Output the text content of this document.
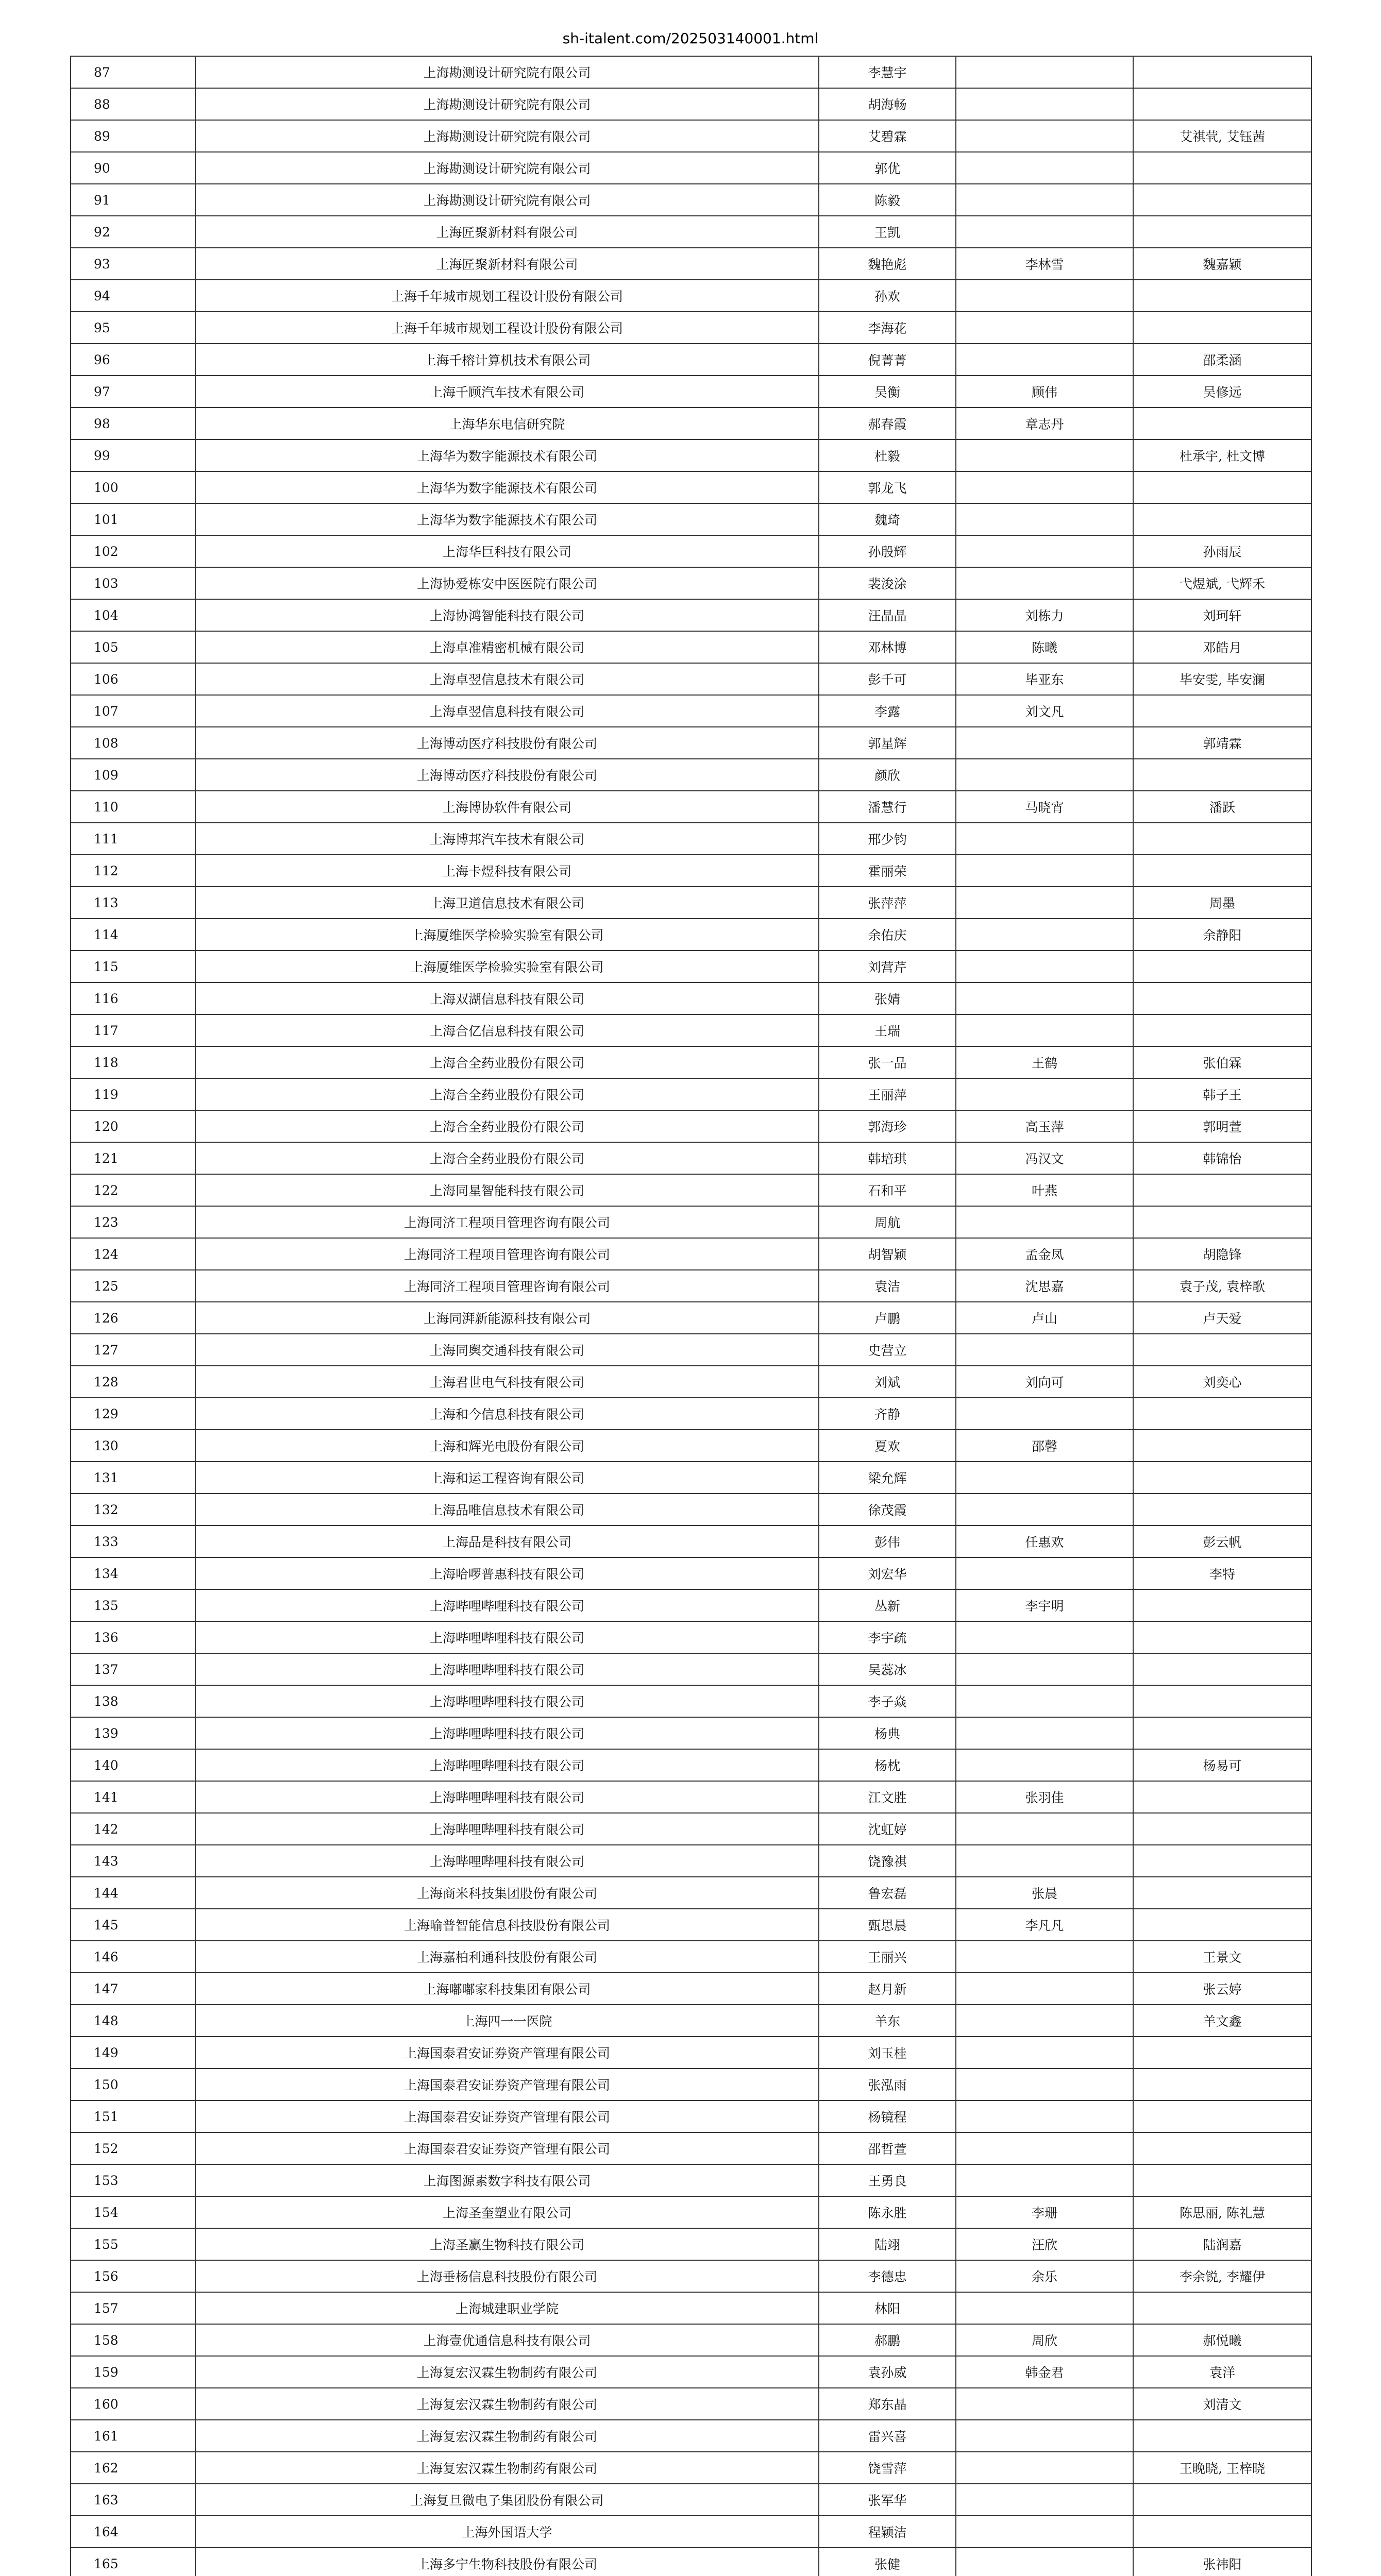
sh-italent.com/20250314000​1.html
87	上海勘测设计研究院有限公司	李慧宇		
88	上海勘测设计研究院有限公司	胡海畅		
89	上海勘测设计研究院有限公司	艾碧霖		艾祺茕, 艾钰茜
90	上海勘测设计研究院有限公司	郭优		
91	上海勘测设计研究院有限公司	陈毅		
92	上海匠聚新材料有限公司	王凯		
93	上海匠聚新材料有限公司	魏艳彪	李林雪	魏嘉颖
94	上海千年城市规划工程设计股份有限公司	孙欢		
95	上海千年城市规划工程设计股份有限公司	李海花		
96	上海千榕计算机技术有限公司	倪菁菁		邵柔涵
97	上海千顾汽车技术有限公司	吴衡	顾伟	吴修远
98	上海华东电信研究院	郝春霞	章志丹	
99	上海华为数字能源技术有限公司	杜毅		杜承宇, 杜文博
100	上海华为数字能源技术有限公司	郭龙飞		
101	上海华为数字能源技术有限公司	魏琦		
102	上海华巨科技有限公司	孙殷辉		孙雨辰
103	上海协爱栋安中医医院有限公司	裴浚涂		弋煜斌, 弋辉禾
104	上海协鸿智能科技有限公司	汪晶晶	刘栋力	刘珂轩
105	上海卓准精密机械有限公司	邓林博	陈曦	邓皓月
106	上海卓翌信息技术有限公司	彭千可	毕亚东	毕安雯, 毕安澜
107	上海卓翌信息科技有限公司	李露	刘文凡	
108	上海博动医疗科技股份有限公司	郭星辉		郭靖霖
109	上海博动医疗科技股份有限公司	颜欣		
110	上海博协软件有限公司	潘慧行	马晓宵	潘跃
111	上海博邦汽车技术有限公司	邢少钧		
112	上海卡煜科技有限公司	霍丽荣		
113	上海卫道信息技术有限公司	张萍萍		周墨
114	上海厦维医学检验实验室有限公司	余佑庆		余静阳
115	上海厦维医学检验实验室有限公司	刘营芹		
116	上海双湖信息科技有限公司	张婧		
117	上海合亿信息科技有限公司	王瑞		
118	上海合全药业股份有限公司	张一品	王鹤	张伯霖
119	上海合全药业股份有限公司	王丽萍		韩子王
120	上海合全药业股份有限公司	郭海珍	高玉萍	郭明萱
121	上海合全药业股份有限公司	韩培琪	冯汉文	韩锦怡
122	上海同星智能科技有限公司	石和平	叶燕	
123	上海同济工程项目管理咨询有限公司	周航		
124	上海同济工程项目管理咨询有限公司	胡智颖	孟金凤	胡隐锋
125	上海同济工程项目管理咨询有限公司	袁洁	沈思嘉	袁子茂, 袁梓歌
126	上海同湃新能源科技有限公司	卢鹏	卢山	卢天爱
127	上海同舆交通科技有限公司	史营立		
128	上海君世电气科技有限公司	刘斌	刘向可	刘奕心
129	上海和今信息科技有限公司	齐静		
130	上海和辉光电股份有限公司	夏欢	邵馨	
131	上海和运工程咨询有限公司	梁允辉		
132	上海品唯信息技术有限公司	徐茂霞		
133	上海品是科技有限公司	彭伟	任惠欢	彭云帆
134	上海哈啰普惠科技有限公司	刘宏华		李特
135	上海哔哩哔哩科技有限公司	丛新	李宇明	
136	上海哔哩哔哩科技有限公司	李宇疏		
137	上海哔哩哔哩科技有限公司	吴蕊冰		
138	上海哔哩哔哩科技有限公司	李子焱		
139	上海哔哩哔哩科技有限公司	杨典		
140	上海哔哩哔哩科技有限公司	杨枕		杨易可
141	上海哔哩哔哩科技有限公司	江文胜	张羽佳	
142	上海哔哩哔哩科技有限公司	沈虹婷		
143	上海哔哩哔哩科技有限公司	饶豫祺		
144	上海商米科技集团股份有限公司	鲁宏磊	张晨	
145	上海喻普智能信息科技股份有限公司	甄思晨	李凡凡	
146	上海嘉柏利通科技股份有限公司	王丽兴		王景文
147	上海嘟嘟家科技集团有限公司	赵月新		张云婷
148	上海四一一医院	羊东		羊文鑫
149	上海国泰君安证券资产管理有限公司	刘玉桂		
150	上海国泰君安证券资产管理有限公司	张泓雨		
151	上海国泰君安证券资产管理有限公司	杨镜程		
152	上海国泰君安证券资产管理有限公司	邵哲萱		
153	上海图源素数字科技有限公司	王勇良		
154	上海圣奎塑业有限公司	陈永胜	李珊	陈思丽, 陈礼慧
155	上海圣赢生物科技有限公司	陆翊	汪欣	陆润嘉
156	上海垂杨信息科技股份有限公司	李德忠	余乐	李余锐, 李耀伊
157	上海城建职业学院	林阳		
158	上海壹优通信息科技有限公司	郝鹏	周欣	郝悦曦
159	上海复宏汉霖生物制药有限公司	袁孙威	韩金君	袁洋
160	上海复宏汉霖生物制药有限公司	郑东晶		刘清文
161	上海复宏汉霖生物制药有限公司	雷兴喜		
162	上海复宏汉霖生物制药有限公司	饶雪萍		王晚晓, 王梓晓
163	上海复旦微电子集团股份有限公司	张军华		
164	上海外国语大学	程颖洁		
165	上海多宁生物科技股份有限公司	张健		张祎阳
